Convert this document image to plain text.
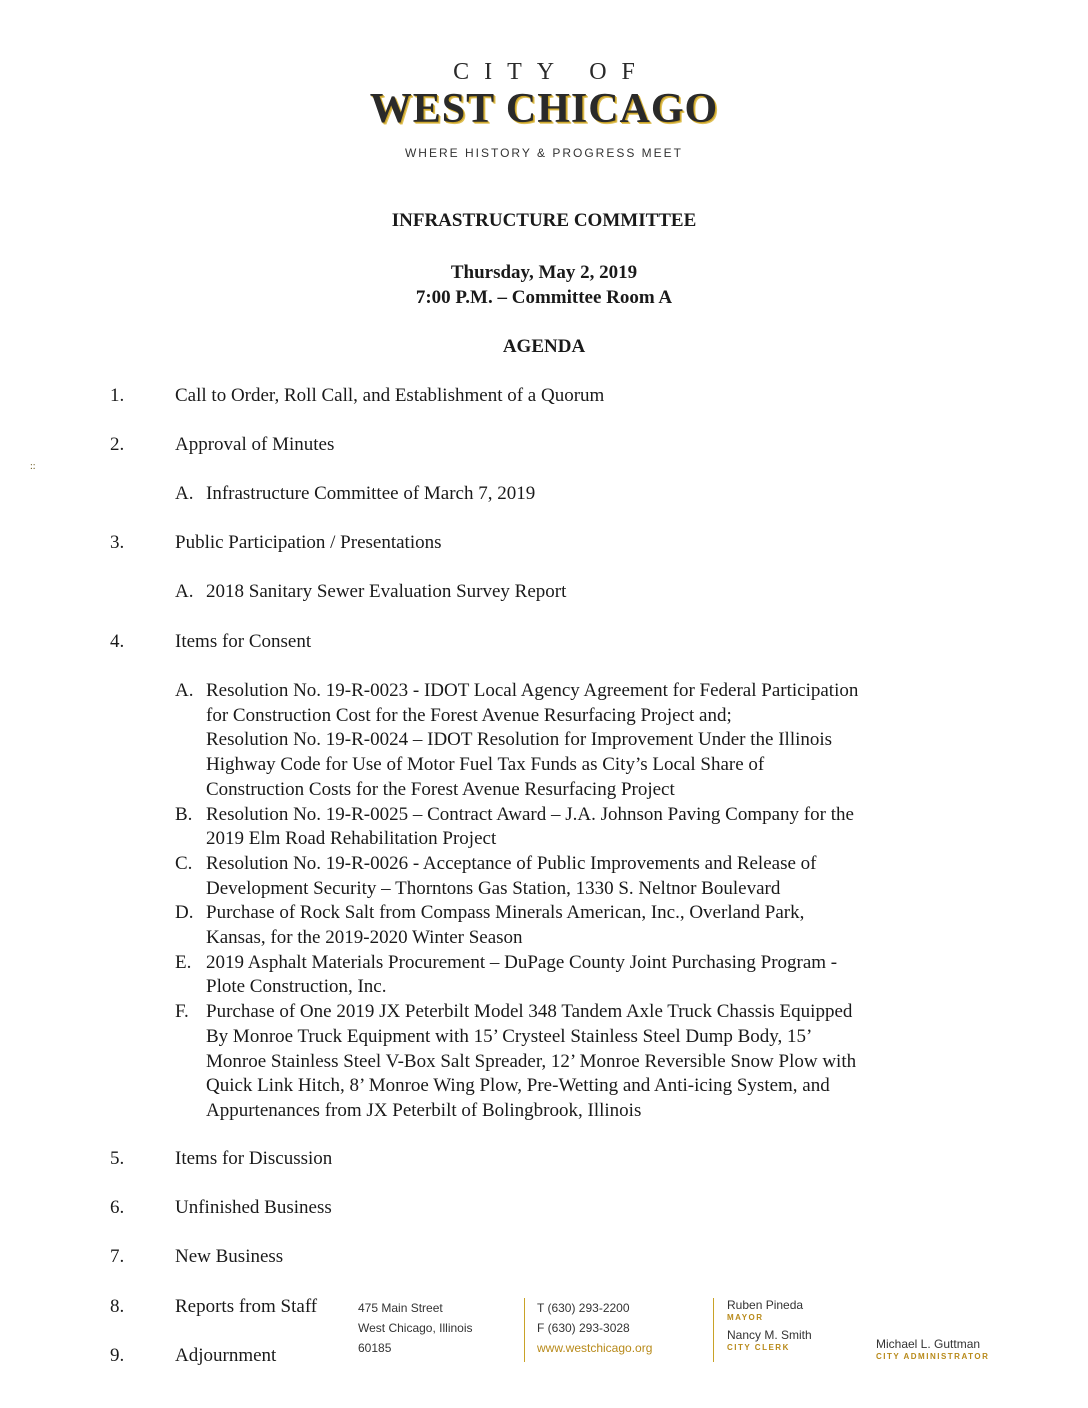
CITY OF
WEST CHICAGO
WHERE HISTORY & PROGRESS MEET
::
INFRASTRUCTURE COMMITTEE
Thursday, May 2, 2019
7:00 P.M. – Committee Room A
AGENDA
1.	Call to Order, Roll Call, and Establishment of a Quorum
2.	Approval of Minutes
A. Infrastructure Committee of March 7, 2019
3.	Public Participation / Presentations
A. 2018 Sanitary Sewer Evaluation Survey Report
4.	Items for Consent
A. Resolution No. 19-R-0023 - IDOT Local Agency Agreement for Federal Participation
for Construction Cost for the Forest Avenue Resurfacing Project and;
Resolution No. 19-R-0024 – IDOT Resolution for Improvement Under the Illinois
Highway Code for Use of Motor Fuel Tax Funds as City’s Local Share of
Construction Costs for the Forest Avenue Resurfacing Project
B. Resolution No. 19-R-0025 – Contract Award – J.A. Johnson Paving Company for the
2019 Elm Road Rehabilitation Project
C. Resolution No. 19-R-0026 - Acceptance of Public Improvements and Release of
Development Security – Thorntons Gas Station, 1330 S. Neltnor Boulevard
D. Purchase of Rock Salt from Compass Minerals American, Inc., Overland Park,
Kansas, for the 2019-2020 Winter Season
E. 2019 Asphalt Materials Procurement – DuPage County Joint Purchasing Program -
Plote Construction, Inc.
F. Purchase of One 2019 JX Peterbilt Model 348 Tandem Axle Truck Chassis Equipped
By Monroe Truck Equipment with 15’ Crysteel Stainless Steel Dump Body, 15’
Monroe Stainless Steel V-Box Salt Spreader, 12’ Monroe Reversible Snow Plow with
Quick Link Hitch, 8’ Monroe Wing Plow, Pre-Wetting and Anti-icing System, and
Appurtenances from JX Peterbilt of Bolingbrook, Illinois
5.	Items for Discussion
6.	Unfinished Business
7.	New Business
8.	Reports from Staff
9.	Adjournment
475 Main Street
West Chicago, Illinois
60185
T (630) 293-2200
F (630) 293-3028
www.westchicago.org
Ruben Pineda
MAYOR
Nancy M. Smith
CITY CLERK	Michael L. Guttman
CITY ADMINISTRATOR
